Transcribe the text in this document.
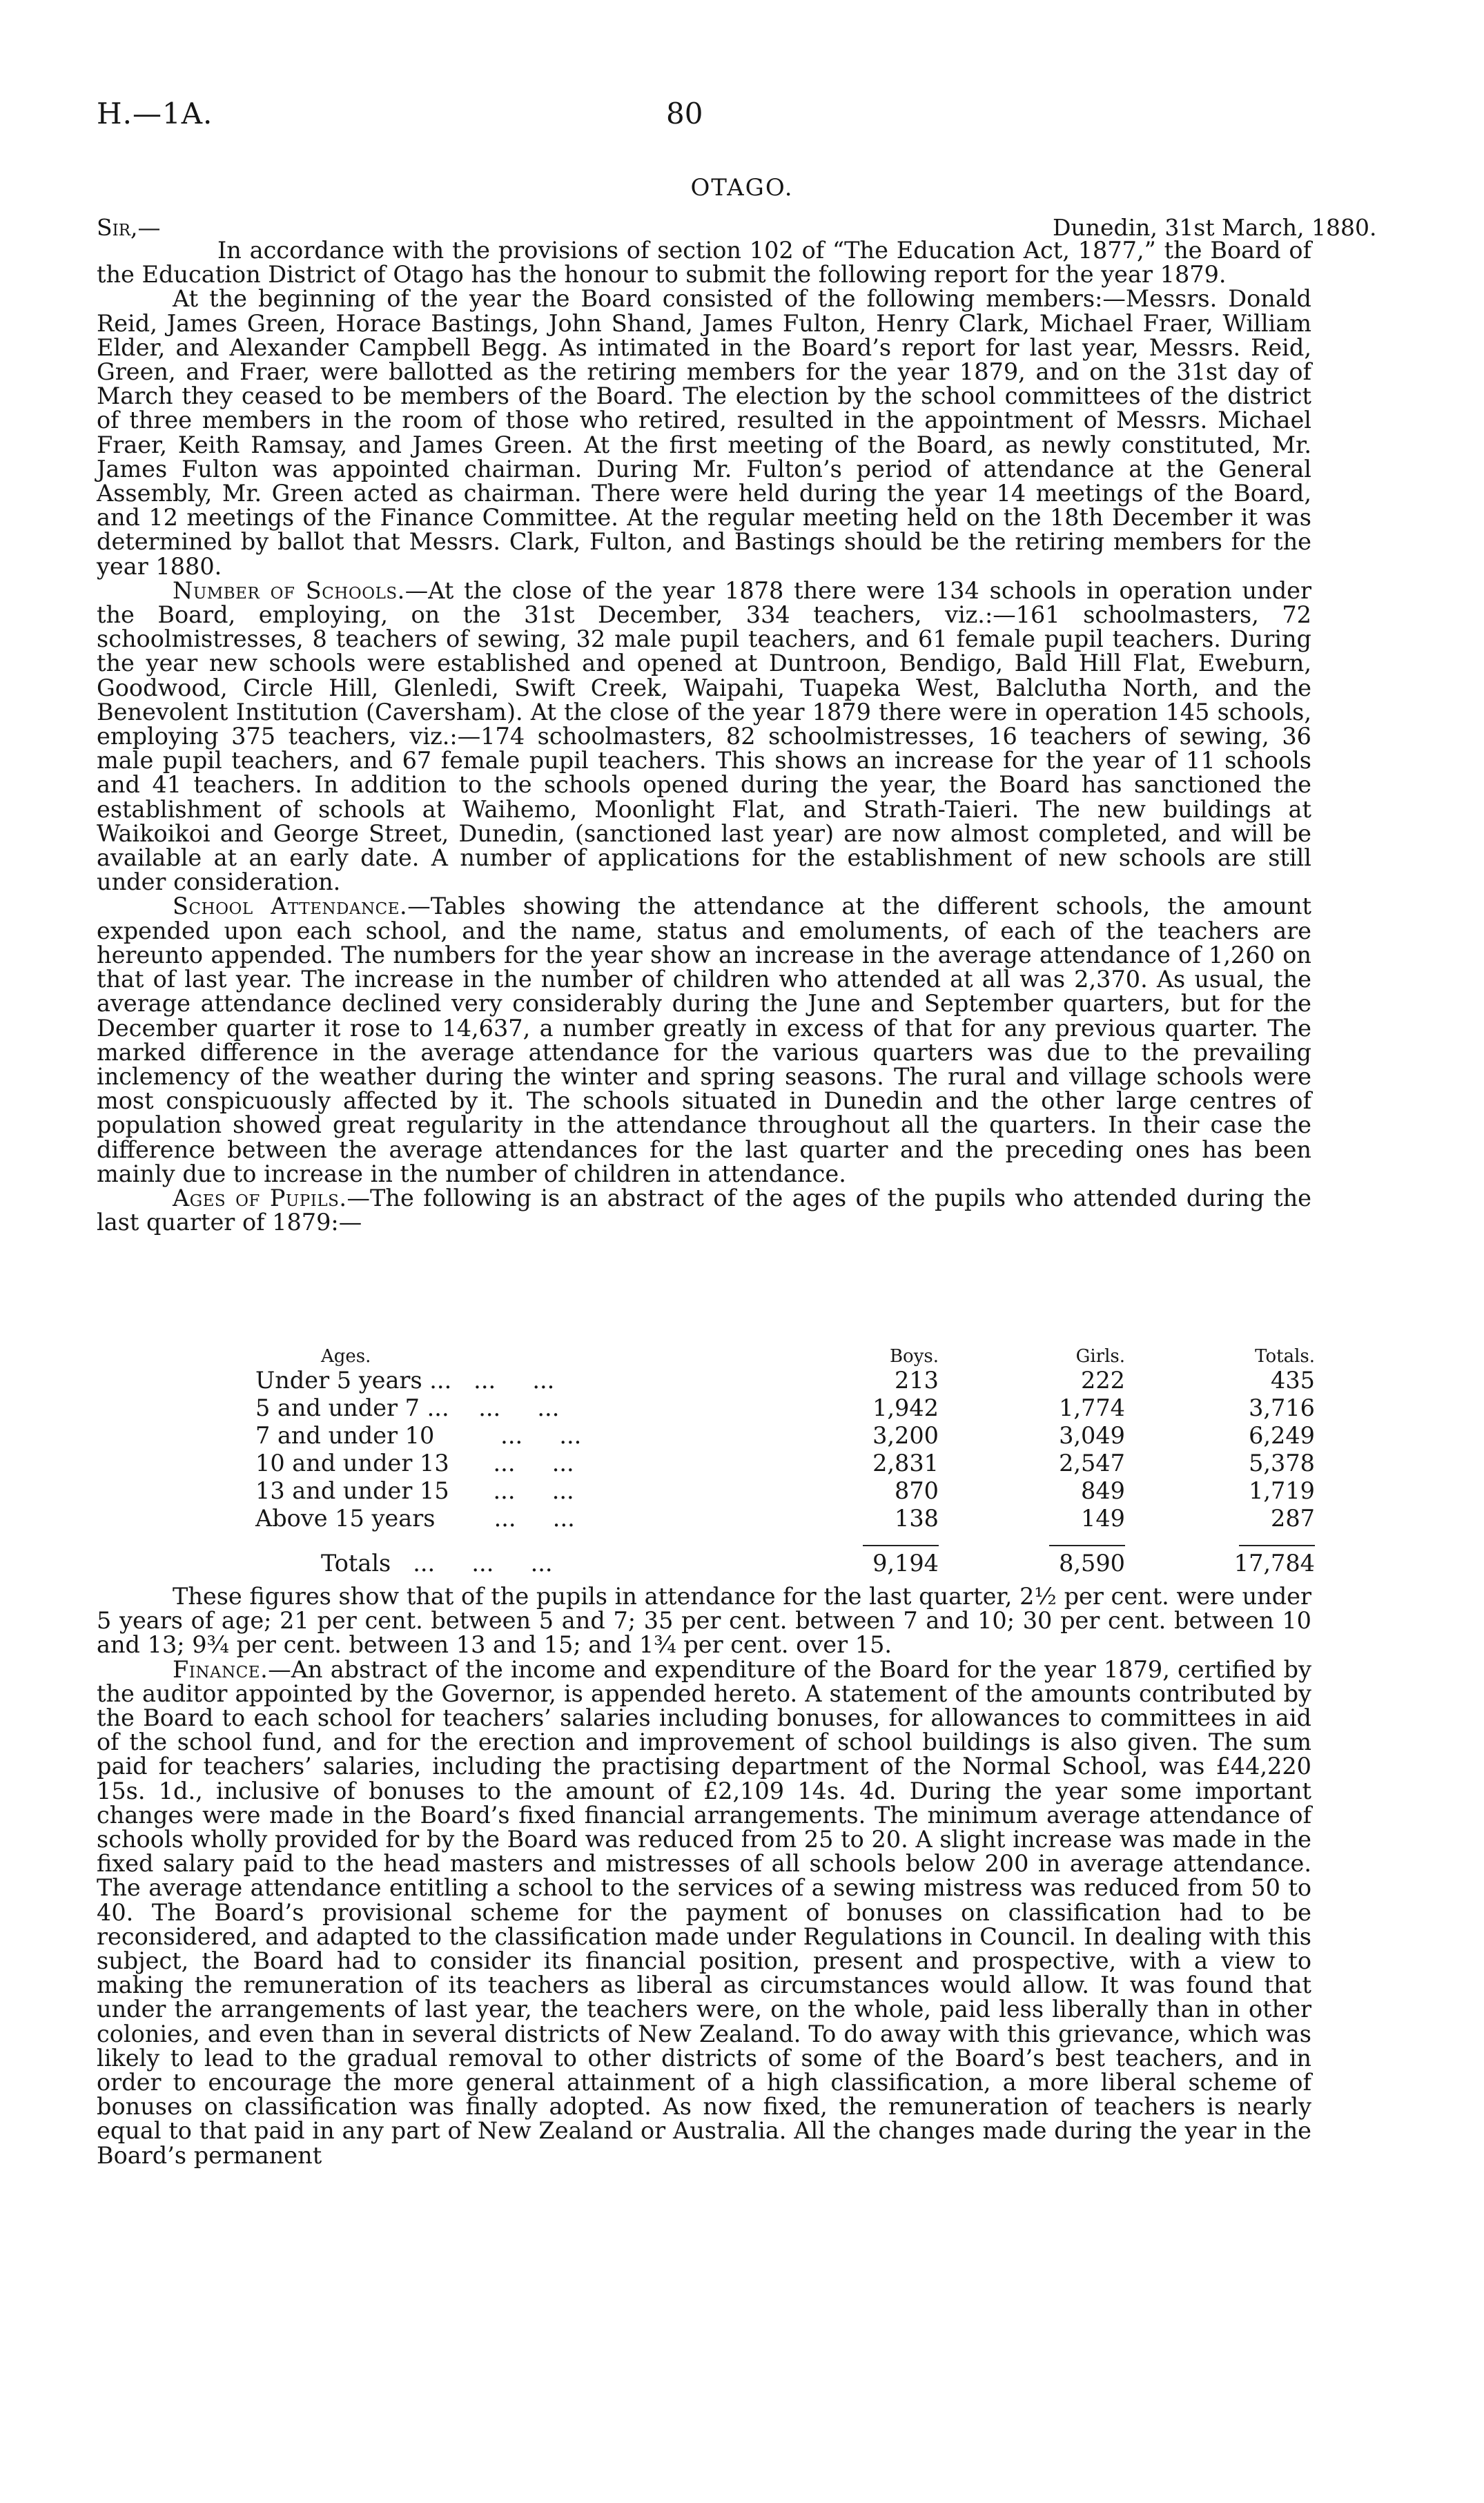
H.—1A.	80
OTAGO.
Sir,—	Dunedin, 31st March, 1880.

In accordance with the provisions of section 102 of “The Education Act, 1877,” the Board of the Education District of Otago has the honour to submit the following report for the year 1879.

At the beginning of the year the Board consisted of the following members:—Messrs. Donald Reid, James Green, Horace Bastings, John Shand, James Fulton, Henry Clark, Michael Fraer, William Elder, and Alexander Campbell Begg. As intimated in the Board’s report for last year, Messrs. Reid, Green, and Fraer, were ballotted as the retiring members for the year 1879, and on the 31st day of March they ceased to be members of the Board. The election by the school committees of the district of three members in the room of those who retired, resulted in the appointment of Messrs. Michael Fraer, Keith Ramsay, and James Green. At the first meeting of the Board, as newly constituted, Mr. James Fulton was appointed chairman. During Mr. Fulton’s period of attendance at the General Assembly, Mr. Green acted as chairman. There were held during the year 14 meetings of the Board, and 12 meetings of the Finance Committee. At the regular meeting held on the 18th December it was determined by ballot that Messrs. Clark, Fulton, and Bastings should be the retiring members for the year 1880.

Number of Schools.—At the close of the year 1878 there were 134 schools in operation under the Board, employing, on the 31st December, 334 teachers, viz.:—161 schoolmasters, 72 schoolmistresses, 8 teachers of sewing, 32 male pupil teachers, and 61 female pupil teachers. During the year new schools were established and opened at Duntroon, Bendigo, Bald Hill Flat, Eweburn, Goodwood, Circle Hill, Glenledi, Swift Creek, Waipahi, Tuapeka West, Balclutha North, and the Benevolent Institution (Caversham). At the close of the year 1879 there were in operation 145 schools, employing 375 teachers, viz.:—174 schoolmasters, 82 schoolmistresses, 16 teachers of sewing, 36 male pupil teachers, and 67 female pupil teachers. This shows an increase for the year of 11 schools and 41 teachers. In addition to the schools opened during the year, the Board has sanctioned the establishment of schools at Waihemo, Moonlight Flat, and Strath-Taieri. The new buildings at Waikoikoi and George Street, Dunedin, (sanctioned last year) are now almost completed, and will be available at an early date. A number of applications for the establishment of new schools are still under consideration.

School Attendance.—Tables showing the attendance at the different schools, the amount expended upon each school, and the name, status and emoluments, of each of the teachers are hereunto appended. The numbers for the year show an increase in the average attendance of 1,260 on that of last year. The increase in the number of children who attended at all was 2,370. As usual, the average attendance declined very considerably during the June and September quarters, but for the December quarter it rose to 14,637, a number greatly in excess of that for any previous quarter. The marked difference in the average attendance for the various quarters was due to the prevailing inclemency of the weather during the winter and spring seasons. The rural and village schools were most conspicuously affected by it. The schools situated in Dunedin and the other large centres of population showed great regularity in the attendance throughout all the quarters. In their case the difference between the average attendances for the last quarter and the preceding ones has been mainly due to increase in the number of children in attendance.

Ages of Pupils.—The following is an abstract of the ages of the pupils who attended during the last quarter of 1879:—

Ages.		Boys.	Girls.	Totals.
Under 5 years ...   ...     ...		213	222	435
5 and under 7 ...    ...     ...		1,942	1,774	3,716
7 and under 10         ...     ...		3,200	3,049	6,249
10 and under 13      ...     ...		2,831	2,547	5,378
13 and under 15      ...     ...		870	849	1,719
Above 15 years        ...     ...		138	149	287

Totals   ...     ...     ...		9,194	8,590	17,784

These figures show that of the pupils in attendance for the last quarter, 2½ per cent. were under 5 years of age; 21 per cent. between 5 and 7; 35 per cent. between 7 and 10; 30 per cent. between 10 and 13; 9¾ per cent. between 13 and 15; and 1¾ per cent. over 15.

Finance.—An abstract of the income and expenditure of the Board for the year 1879, certified by the auditor appointed by the Governor, is appended hereto. A statement of the amounts contributed by the Board to each school for teachers’ salaries including bonuses, for allowances to committees in aid of the school fund, and for the erection and improvement of school buildings is also given. The sum paid for teachers’ salaries, including the practising department of the Normal School, was £44,220 15s. 1d., inclusive of bonuses to the amount of £2,109 14s. 4d. During the year some important changes were made in the Board’s fixed financial arrangements. The minimum average attendance of schools wholly provided for by the Board was reduced from 25 to 20. A slight increase was made in the fixed salary paid to the head masters and mistresses of all schools below 200 in average attendance. The average attendance entitling a school to the services of a sewing mistress was reduced from 50 to 40. The Board’s provisional scheme for the payment of bonuses on classification had to be reconsidered, and adapted to the classification made under Regulations in Council. In dealing with this subject, the Board had to consider its financial position, present and prospective, with a view to making the remuneration of its teachers as liberal as circumstances would allow. It was found that under the arrangements of last year, the teachers were, on the whole, paid less liberally than in other colonies, and even than in several districts of New Zealand. To do away with this grievance, which was likely to lead to the gradual removal to other districts of some of the Board’s best teachers, and in order to encourage the more general attainment of a high classification, a more liberal scheme of bonuses on classification was finally adopted. As now fixed, the remuneration of teachers is nearly equal to that paid in any part of New Zealand or Australia. All the changes made during the year in the Board’s permanent
